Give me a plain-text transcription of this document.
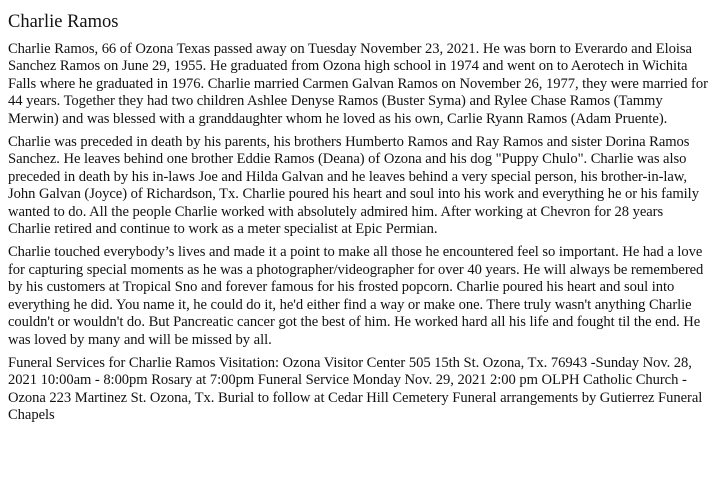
Charlie Ramos

Charlie Ramos, 66 of Ozona Texas passed away on Tuesday November 23, 2021. He was born to Everardo and Eloisa Sanchez Ramos on June 29, 1955. He graduated from Ozona high school in 1974 and went on to Aerotech in Wichita Falls where he graduated in 1976. Charlie married Carmen Galvan Ramos on November 26, 1977, they were married for 44 years. Together they had two children Ashlee Denyse Ramos (Buster Syma) and Rylee Chase Ramos (Tammy Merwin) and was blessed with a granddaughter whom he loved as his own, Carlie Ryann Ramos (Adam Pruente).

Charlie was preceded in death by his parents, his brothers Humberto Ramos and Ray Ramos and sister Dorina Ramos Sanchez. He leaves behind one brother Eddie Ramos (Deana) of Ozona and his dog "Puppy Chulo". Charlie was also preceded in death by his in-laws Joe and Hilda Galvan and he leaves behind a very special person, his brother-in-law, John Galvan (Joyce) of Richardson, Tx. Charlie poured his heart and soul into his work and everything he or his family wanted to do. All the people Charlie worked with absolutely admired him. After working at Chevron for 28 years Charlie retired and continue to work as a meter specialist at Epic Permian.

Charlie touched everybody’s lives and made it a point to make all those he encountered feel so important. He had a love for capturing special moments as he was a photographer/videographer for over 40 years. He will always be remembered by his customers at Tropical Sno and forever famous for his frosted popcorn. Charlie poured his heart and soul into everything he did. You name it, he could do it, he'd either find a way or make one. There truly wasn't anything Charlie couldn't or wouldn't do. But Pancreatic cancer got the best of him. He worked hard all his life and fought til the end. He was loved by many and will be missed by all.

Funeral Services for Charlie Ramos Visitation: Ozona Visitor Center 505 15th St. Ozona, Tx. 76943 -Sunday Nov. 28, 2021 10:00am - 8:00pm Rosary at 7:00pm Funeral Service Monday Nov. 29, 2021 2:00 pm OLPH Catholic Church - Ozona 223 Martinez St. Ozona, Tx. Burial to follow at Cedar Hill Cemetery Funeral arrangements by Gutierrez Funeral Chapels
